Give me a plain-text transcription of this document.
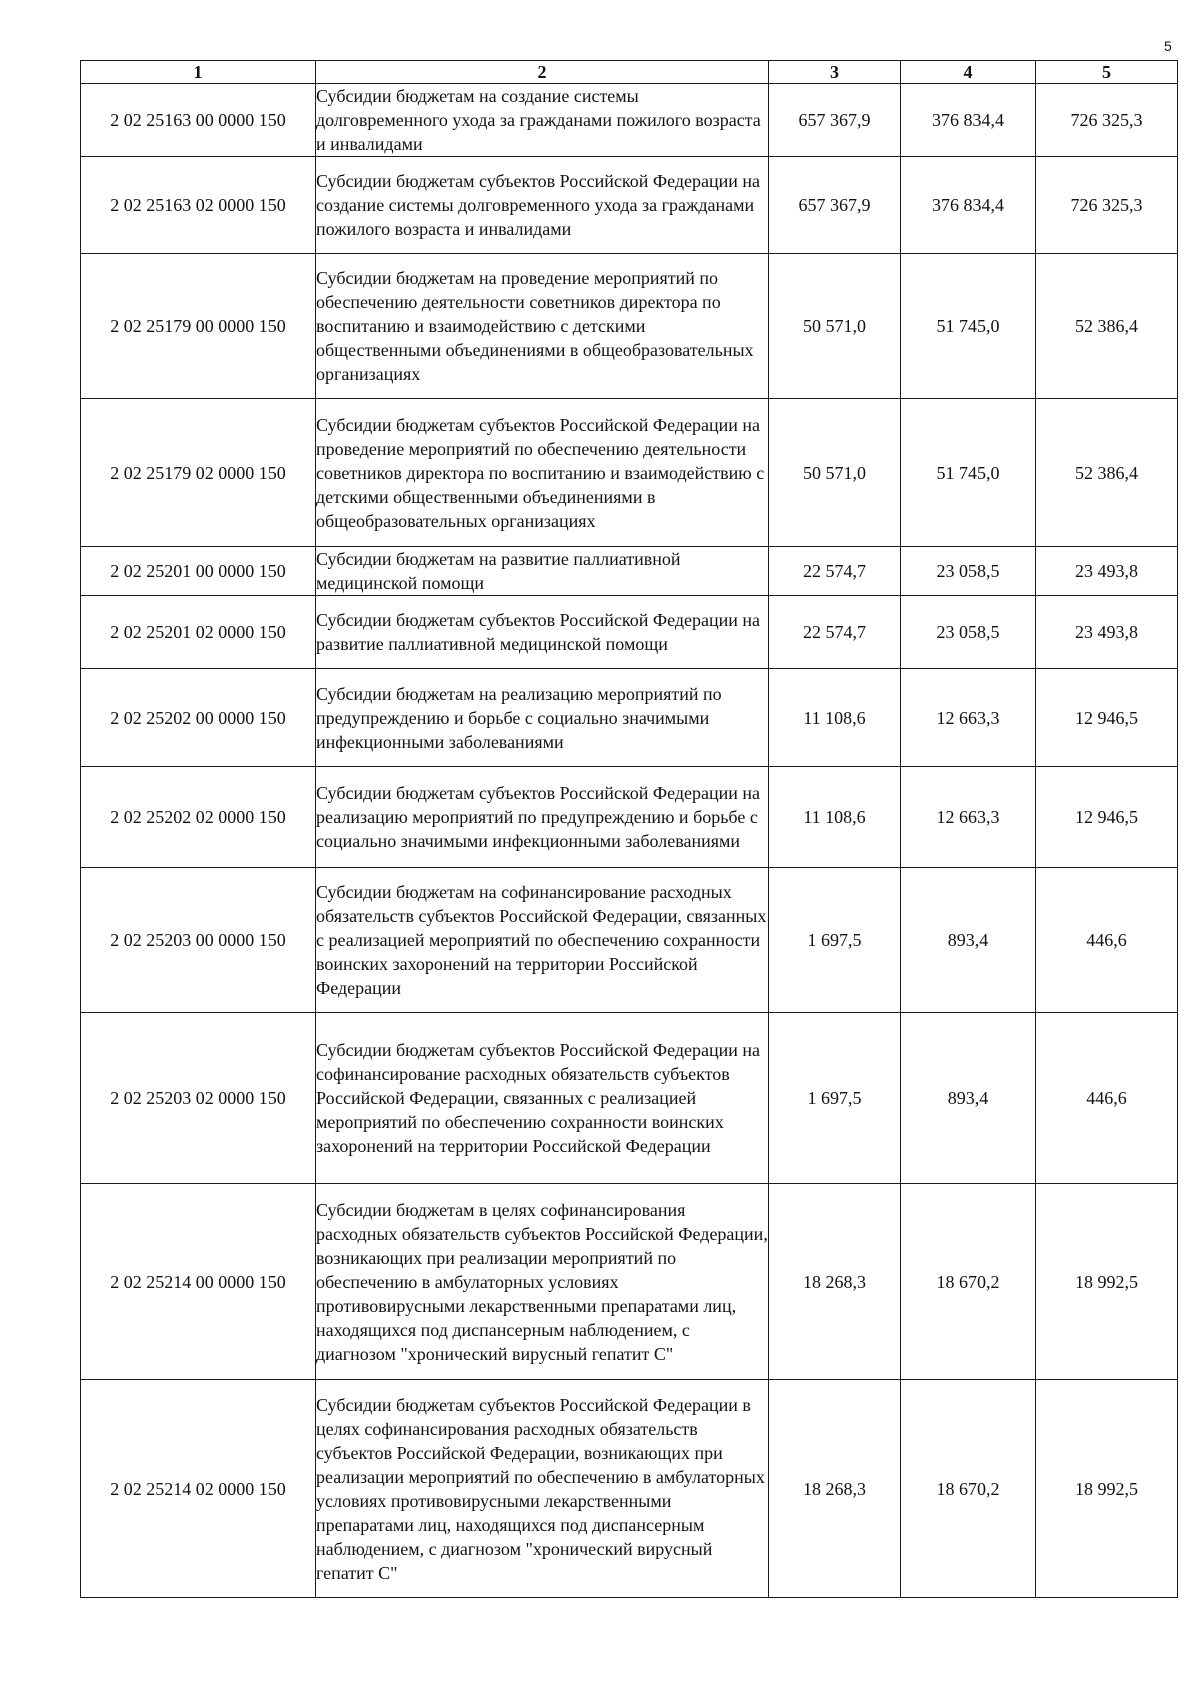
5
1	2	3	4	5
2 02 25163 00 0000 150	Субсидии бюджетам на создание системы долговременного ухода за гражданами пожилого возраста и инвалидами	657 367,9	376 834,4	726 325,3
2 02 25163 02 0000 150	Субсидии бюджетам субъектов Российской Федерации на создание системы долговременного ухода за гражданами пожилого возраста и инвалидами	657 367,9	376 834,4	726 325,3
2 02 25179 00 0000 150	Субсидии бюджетам на проведение мероприятий по обеспечению деятельности советников директора по воспитанию и взаимодействию с детскими общественными объединениями в общеобразовательных организациях	50 571,0	51 745,0	52 386,4
2 02 25179 02 0000 150	Субсидии бюджетам субъектов Российской Федерации на проведение мероприятий по обеспечению деятельности советников директора по воспитанию и взаимодействию с детскими общественными объединениями в общеобразовательных организациях	50 571,0	51 745,0	52 386,4
2 02 25201 00 0000 150	Субсидии бюджетам на развитие паллиативной медицинской помощи	22 574,7	23 058,5	23 493,8
2 02 25201 02 0000 150	Субсидии бюджетам субъектов Российской Федерации на развитие паллиативной медицинской помощи	22 574,7	23 058,5	23 493,8
2 02 25202 00 0000 150	Субсидии бюджетам на реализацию мероприятий по предупреждению и борьбе с социально значимыми инфекционными заболеваниями	11 108,6	12 663,3	12 946,5
2 02 25202 02 0000 150	Субсидии бюджетам субъектов Российской Федерации на реализацию мероприятий по предупреждению и борьбе с социально значимыми инфекционными заболеваниями	11 108,6	12 663,3	12 946,5
2 02 25203 00 0000 150	Субсидии бюджетам на софинансирование расходных обязательств субъектов Российской Федерации, связанных с реализацией мероприятий по обеспечению сохранности воинских захоронений на территории Российской Федерации	1 697,5	893,4	446,6
2 02 25203 02 0000 150	Субсидии бюджетам субъектов Российской Федерации на софинансирование расходных обязательств субъектов Российской Федерации, связанных с реализацией мероприятий по обеспечению сохранности воинских захоронений на территории Российской Федерации	1 697,5	893,4	446,6
2 02 25214 00 0000 150	Субсидии бюджетам в целях софинансирования расходных обязательств субъектов Российской Федерации, возникающих при реализации мероприятий по обеспечению в амбулаторных условиях противовирусными лекарственными препаратами лиц, находящихся под диспансерным наблюдением, с диагнозом "хронический вирусный гепатит С"	18 268,3	18 670,2	18 992,5
2 02 25214 02 0000 150	Субсидии бюджетам субъектов Российской Федерации в целях софинансирования расходных обязательств субъектов Российской Федерации, возникающих при реализации мероприятий по обеспечению в амбулаторных условиях противовирусными лекарственными препаратами лиц, находящихся под диспансерным наблюдением, с диагнозом "хронический вирусный гепатит С"	18 268,3	18 670,2	18 992,5
